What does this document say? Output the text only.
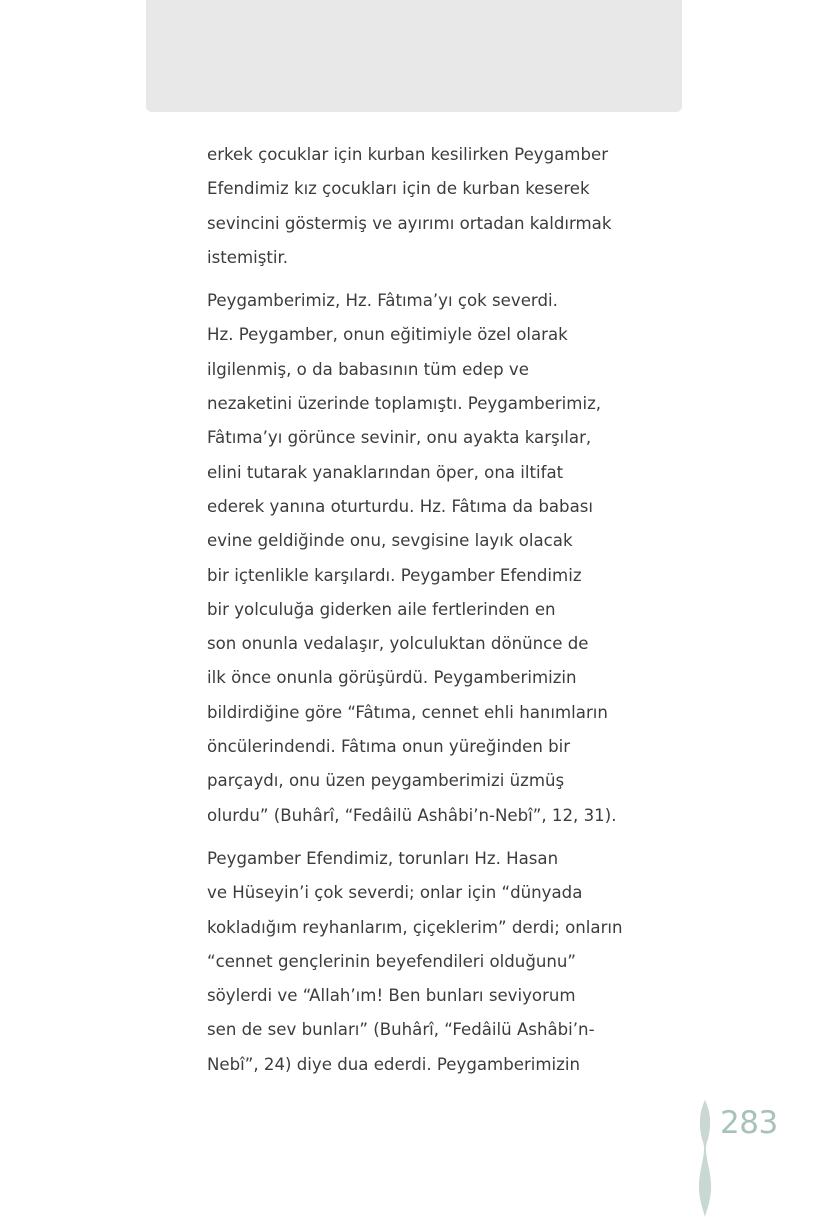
erkek çocuklar için kurban kesilirken Peygamber
Efendimiz kız çocukları için de kurban keserek
sevincini göstermiş ve ayırımı ortadan kaldırmak
istemiştir.
Peygamberimiz, Hz. Fâtıma’yı çok severdi.
Hz. Peygamber, onun eğitimiyle özel olarak
ilgilenmiş, o da babasının tüm edep ve
nezaketini üzerinde toplamıştı. Peygamberimiz,
Fâtıma’yı görünce sevinir, onu ayakta karşılar,
elini tutarak yanaklarından öper, ona iltifat
ederek yanına oturturdu. Hz. Fâtıma da babası
evine geldiğinde onu, sevgisine layık olacak
bir içtenlikle karşılardı. Peygamber Efendimiz
bir yolculuğa giderken aile fertlerinden en
son onunla vedalaşır, yolculuktan dönünce de
ilk önce onunla görüşürdü. Peygamberimizin
bildirdiğine göre “Fâtıma, cennet ehli hanımların
öncülerindendi. Fâtıma onun yüreğinden bir
parçaydı, onu üzen peygamberimizi üzmüş
olurdu” (Buhârî, “Fedâilü Ashâbi’n-Nebî”, 12, 31).
Peygamber Efendimiz, torunları Hz. Hasan
ve Hüseyin’i çok severdi; onlar için “dünyada
kokladığım reyhanlarım, çiçeklerim” derdi; onların
“cennet gençlerinin beyefendileri olduğunu”
söylerdi ve “Allah’ım! Ben bunları seviyorum
sen de sev bunları” (Buhârî, “Fedâilü Ashâbi’n-
Nebî”, 24) diye dua ederdi. Peygamberimizin
283
